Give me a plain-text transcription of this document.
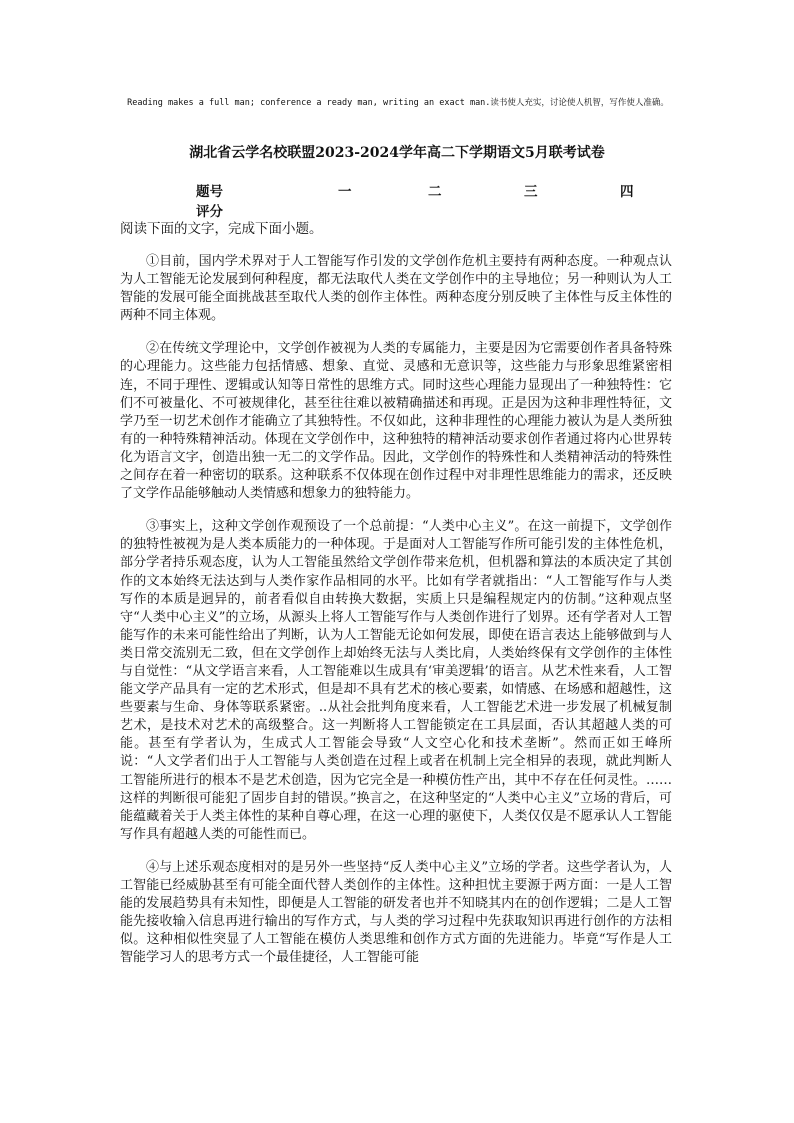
Reading makes a full man; conference a ready man, writing an exact man.读书使人充实，讨论使人机智，写作使人准确。
湖北省云学名校联盟2023-2024学年高二下学期语文5月联考试卷
题号	一	二	三	四
评分
阅读下面的文字，完成下面小题。

①目前，国内学术界对于人工智能写作引发的文学创作危机主要持有两种态度。一种观点认为人工智能无论发展到何种程度，都无法取代人类在文学创作中的主导地位；另一种则认为人工智能的发展可能全面挑战甚至取代人类的创作主体性。两种态度分别反映了主体性与反主体性的两种不同主体观。

②在传统文学理论中，文学创作被视为人类的专属能力，主要是因为它需要创作者具备特殊的心理能力。这些能力包括情感、想象、直觉、灵感和无意识等，这些能力与形象思维紧密相连，不同于理性、逻辑或认知等日常性的思维方式。同时这些心理能力显现出了一种独特性：它们不可被量化、不可被规律化，甚至往往难以被精确描述和再现。正是因为这种非理性特征，文学乃至一切艺术创作才能确立了其独特性。不仅如此，这种非理性的心理能力被认为是人类所独有的一种特殊精神活动。体现在文学创作中，这种独特的精神活动要求创作者通过将内心世界转化为语言文字，创造出独一无二的文学作品。因此，文学创作的特殊性和人类精神活动的特殊性之间存在着一种密切的联系。这种联系不仅体现在创作过程中对非理性思维能力的需求，还反映了文学作品能够触动人类情感和想象力的独特能力。

③事实上，这种文学创作观预设了一个总前提：“人类中心主义”。在这一前提下，文学创作的独特性被视为是人类本质能力的一种体现。于是面对人工智能写作所可能引发的主体性危机，部分学者持乐观态度，认为人工智能虽然给文学创作带来危机，但机器和算法的本质决定了其创作的文本始终无法达到与人类作家作品相同的水平。比如有学者就指出：“人工智能写作与人类写作的本质是迥异的，前者看似自由转换大数据，实质上只是编程规定内的仿制。”这种观点坚守“人类中心主义”的立场，从源头上将人工智能写作与人类创作进行了划界。还有学者对人工智能写作的未来可能性给出了判断，认为人工智能无论如何发展，即使在语言表达上能够做到与人类日常交流别无二致，但在文学创作上却始终无法与人类比肩，人类始终保有文学创作的主体性与自觉性：“从文学语言来看，人工智能难以生成具有‘审美逻辑’的语言。从艺术性来看，人工智能文学产品具有一定的艺术形式，但是却不具有艺术的核心要素，如情感、在场感和超越性，这些要素与生命、身体等联系紧密。..从社会批判角度来看，人工智能艺术进一步发展了机械复制艺术，是技术对艺术的高级整合。这一判断将人工智能锁定在工具层面，否认其超越人类的可能。甚至有学者认为，生成式人工智能会导致“人文空心化和技术垄断”。然而正如王峰所说：“人文学者们出于人工智能与人类创造在过程上或者在机制上完全相异的表现，就此判断人工智能所进行的根本不是艺术创造，因为它完全是一种模仿性产出，其中不存在任何灵性。……这样的判断很可能犯了固步自封的错误。”换言之，在这种坚定的“人类中心主义”立场的背后，可能蕴藏着关于人类主体性的某种自尊心理，在这一心理的驱使下，人类仅仅是不愿承认人工智能写作具有超越人类的可能性而已。

④与上述乐观态度相对的是另外一些坚持“反人类中心主义”立场的学者。这些学者认为，人工智能已经威胁甚至有可能全面代替人类创作的主体性。这种担忧主要源于两方面：一是人工智能的发展趋势具有未知性，即便是人工智能的研发者也并不知晓其内在的创作逻辑；二是人工智能先接收输入信息再进行输出的写作方式，与人类的学习过程中先获取知识再进行创作的方法相似。这种相似性突显了人工智能在模仿人类思维和创作方式方面的先进能力。毕竟“写作是人工智能学习人的思考方式一个最佳捷径，人工智能可能
